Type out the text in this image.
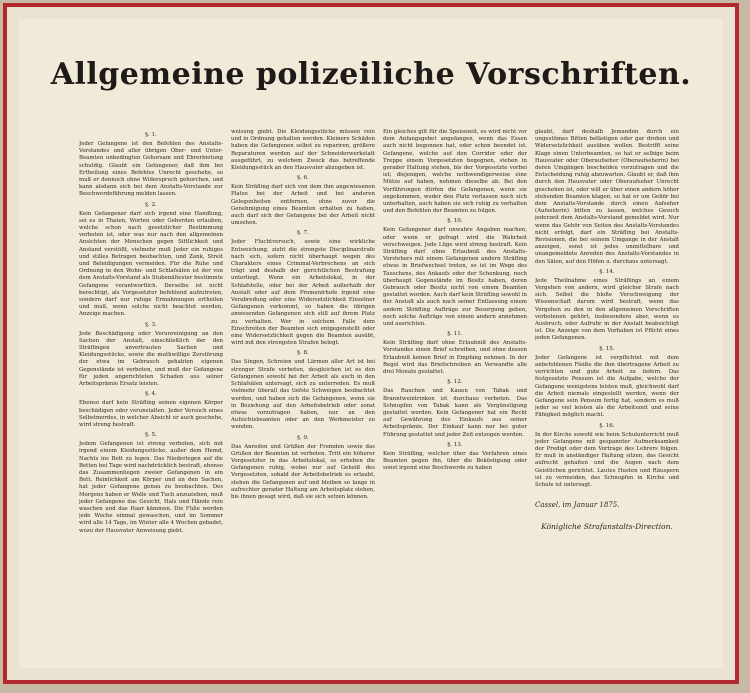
Allgemeine polizeiliche Vorschriften.
§. 1.

Jeder Gefangene ist den Befehlen des Anstalts-Vorstandes und aller übrigen Ober- und Unter-Beamten unbedingten Gehorsam und Ehrerbietung schuldig. Glaubt ein Gefangener, daß ihm bei Ertheilung eines Befehles Unrecht geschehe, so muß er dennoch ohne Widerspruch gehorchen, und kann alsdann sich bei dem Anstalts-Vorstande zur Beschwerdeführung melden lassen.

§. 2.

Kein Gefangener darf sich irgend eine Handlung, sei es in Thaten, Worten oder Geberden erlauben, welche schon nach gesetzlicher Bestimmung verboten ist, oder was nur nach den allgemeinen Ansichten der Menschen gegen Sittlichkeit und Anstand verstößt, vielmehr muß Jeder ein ruhiges und stilles Betragen beobachten, und Zank, Streit und Beleidigungen vermeiden. Für die Ruhe und Ordnung in den Wohn- und Schlafsälen ist der von dem Anstalts-Vorstand als Stubenältester bestimmte Gefangene verantwortlich. Derselbe ist nicht berechtigt, als Vorgesetzter befehlend aufzutreten, sondern darf nur ruhige Ermahnungen ertheilen und muß, wenn solche nicht beachtet werden, Anzeige machen.

§. 3.

Jede Beschädigung oder Verunreinigung an den Sachen der Anstalt, einschließlich der den Sträflingen anvertrauten Sachen und Kleidungsstücke, sowie die muthwillige Zerstörung der etwa im Gebrauch gehabten eigenen Gegenstände ist verboten, und muß der Gefangene für jeden angerichteten Schaden aus seiner Arbeitsprämie Ersatz leisten.

§. 4.

Ebenso darf kein Sträfling seinen eigenen Körper beschädigen oder verunstalten. Jeder Versuch eines Selbstmordes, in welcher Absicht er auch geschehe, wird streng bestraft.

§. 5.

Jedem Gefangenen ist streng verboten, sich mit irgend einem Kleidungsstücke, außer dem Hemd, Nachts ins Bett zu legen. Das Niederlegen auf die Betten bei Tage wird nachdrücklich bestraft, ebenso das Zusammenliegen zweier Gefangenen in ein Bett. Reinlichkeit am Körper und an den Sachen, hat jeder Gefangene genau zu beobachten. Des Morgens haben er Wolle und Tuch anzuziehen, muß jeder Gefangene das Gesicht, Hals und Hände rein waschen und das Haar kämmen. Die Füße werden jede Woche einmal gewaschen, und im Sommer wird alle 14 Tage, im Winter alle 4 Wochen gebadet, wozu der Hausvater Anweisung giebt.

weisung giebt. Die Kleidungsstücke müssen rein und in Ordnung gehalten werden. Kleinere Schäden haben die Gefangenen selbst zu repariren, größere Reparaturen werden auf der Schneiderwerkstatt ausgeführt, zu welchem Zweck das betreffende Kleidungsstück an den Hausvater abzugeben ist.

§. 6.

Kein Sträfling darf sich von dem ihm angewiesenen Platze bei der Arbeit und bei anderen Gelegenheiten entfernen, ohne zuvor die Genehmigung eines Beamten erhalten zu haben, auch darf sich der Gefangene bei der Arbeit nicht umsehen.

§. 7.

Jeder Fluchtversuch, sowie eine wirkliche Entweichung, zieht die strengste Disciplinarstrafe nach sich, sofern nicht überhaupt wegen des Charakters eines Criminal-Verbrechens an sich trägt und deshalb der gerichtlichen Bestrafung unterliegt. Wenn ein Arbeitslokal, in der Schlafstelle, oder bei der Arbeit außerhalb der Anstalt oder auf dem Promenirhofe irgend eine Verabredung oder eine Widersetzlichkeit Einzelner Gefangenen vorkommt, so haben die übrigen anwesenden Gefangenen sich still auf ihrem Platz zu verhalten. Wer in solchem Falle dem Einschreiten der Beamten sich entgegenstellt oder eine Widersetzlichkeit gegen die Beamten ausübt, wird mit den strengsten Strafen belegt.

§. 8.

Das Singen, Schreien und Lärmen aller Art ist bei strenger Strafe verboten, desgleichen ist es den Gefangenen sowohl bei der Arbeit als auch in den Schlafsälen untersagt, sich zu unterreden. Es muß vielmehr überall das tiefste Schweigen beobachtet werden, und haben sich die Gefangenen, wenn sie in Beziehung auf den Arbeitsbetrieb oder sonst etwas vorzutragen haben, nur an den Aufsichtsbeamten oder an den Werkmeister zu wenden.

§. 9.

Das Anreden und Grüßen der Fremden sowie das Grüßen der Beamten ist verboten. Tritt ein höherer Vorgesetzter in das Arbeitslokal, so erheben die Gefangenen ruhig, wobei nur auf Geheiß des Vorgesetzten, sobald der Arbeitsbetrieb es erlaubt, stehen die Gefangenen auf und bleiben so lange in aufrechter gerader Haltung am Arbeitsplatz stehen, bis ihnen gesagt wird, daß sie sich setzen können.

Ein gleiches gilt für die Speisezeit, es wird nicht vor dem Anfangsgebet angefangen, wenn das Essen auch nicht begonnen hat, oder schon beendet ist. Gefangene, welche auf den Corridor oder der Treppe einem Vorgesetzten begegnen, stehen in gerader Haltung stehen, bis der Vorgesetzte vorbei ist; diejenigen, welche nothwendigerweise eine Mütze auf haben, nehmen dieselbe ab. Bei den Vorführungen dürfen die Gefangenen, wenn sie angekommen, weder den Platz verlassen noch sich unterhalten, auch haben sie sich ruhig zu verhalten und den Befehlen der Beamten zu folgen.

§. 10.

Kein Gefangener darf unwahre Angaben machen, oder wenn er gefragt wird die Wahrheit verschweigen. Jede Lüge wird streng bestraft. Kein Sträfling darf ohne Erlaubniß des Anstalts-Vorstehers mit einem Gefangenen andern Sträfling etwas in Briefwechsel treten, so ist im Wege des Tauschens, des Ankaufs oder der Schenkung, noch überhaupt Gegenstände im Besitz haben, deren Gebrauch oder Besitz nicht von einem Beamten gestattet worden. Auch darf kein Sträfling sowohl in der Anstalt als auch nach seiner Entlassung einem andern Sträfling Aufträge zur Besorgung geben, noch solche Aufträge von einem andern annehmen und ausrichten.

§. 11.

Kein Sträfling darf ohne Erlaubniß des Anstalts-Vorstandes einen Brief schreiben, und ohne dessen Erlaubniß keinen Brief in Empfang nehmen. In der Regel wird das Briefschreiben an Verwandte alle drei Monate gestattet.

§. 12.

Das Rauchen und Kauen von Tabak und Branntweintrinken ist durchaus verboten. Das Schnupfen von Tabak kann als Vergünstigung gestattet werden. Kein Gefangener hat ein Recht auf Gewährung des Einkaufs aus seiner Arbeitsprämie. Der Einkauf kann nur bei guter Führung gestattet und jeder Zeit entzogen werden.

§. 13.

Kein Sträfling, welcher über das Verfahren eines Beamten gegen ihn, über die Beköstigung oder sonst irgend eine Beschwerde zu haben

glaubt, darf deshalb Jemanden durch ein ungestümes Bitten belästigen oder gar drohen und Widersetzlichkeit ausüben wollen. Bestrifft seine Klage einen Unterbeamten, so hat er selbige beim Hausvater oder Oberaufseher (Oberaufseherin) bei deren Umgängen bescheiden vorzutragen und die Entscheidung ruhig abzuwarten. Glaubt er, daß ihm durch den Hausvater oder Oberaufseher Unrecht geschehen ist, oder will er über einen andern höher stehenden Beamten klagen, so hat er um Gehör bei dem Anstalts-Vorstande durch einen Aufseher (Aufseherin) bitten zu lassen, welches Gesuch jederzeit dem Anstalts-Vorstand gemeldet wird. Nur wenn das Gehör von Seiten des Anstalts-Vorstandes nicht erfolgt, darf ein Sträfling bei Anstalts-Revisionen, die bei seinem Umgange in der Anstalt anzeigen, sonst ist jedes unmittelbare und unangemeldete Anreden des Anstalts-Vorstandes in den Sälen, auf den Höfen u. durchaus untersagt.

§. 14.

Jede Theilnahme eines Sträflings an einem Vergehen von andern, wird gleicher Strafe nach sich. Selbst die bloße Verschweigung der Wissenschaft darum wird bestraft, wenn das Vergehen zu den in den allgemeinen Vorschriften verbotenen gehört, insbesondere aber, wenn es Ausbruch, oder Aufruhr in der Anstalt beabsichtigt ist. Die Anzeige von dem Vorhaben ist Pflicht eines jeden Gefangenen.

§. 15.

Jeder Gefangene ist verpflichtet mit dem anbefohlenen Fleiße die ihm übertragene Arbeit zu verrichten und gute Arbeit zu liefern. Das festgesetzte Pensum ist die Aufgabe, welche der Gefangene wenigstens leisten muß, gleichwohl darf die Arbeit niemals eingestellt werden, wenn der Gefangene sein Pensum fertig hat, sondern es muß jeder so viel leisten als die Arbeitszeit und seine Fähigkeit möglich macht.

§. 16.

In der Kirche sowohl wie beim Schulunterricht muß jeder Gefangene mit gespannter Aufmerksamkeit der Predigt oder dem Vortrage des Lehrers folgen. Er muß in anständiger Haltung sitzen, das Gesicht aufrecht gehalten und die Augen nach dem Geistlichen gerichtet. Lautes Husten und Räuspern ist zu vermeiden, das Schnupfen in Kirche und Schule ist untersagt.

Cassel, im Januar 1875.
Königliche Strafanstalts-Direction.
